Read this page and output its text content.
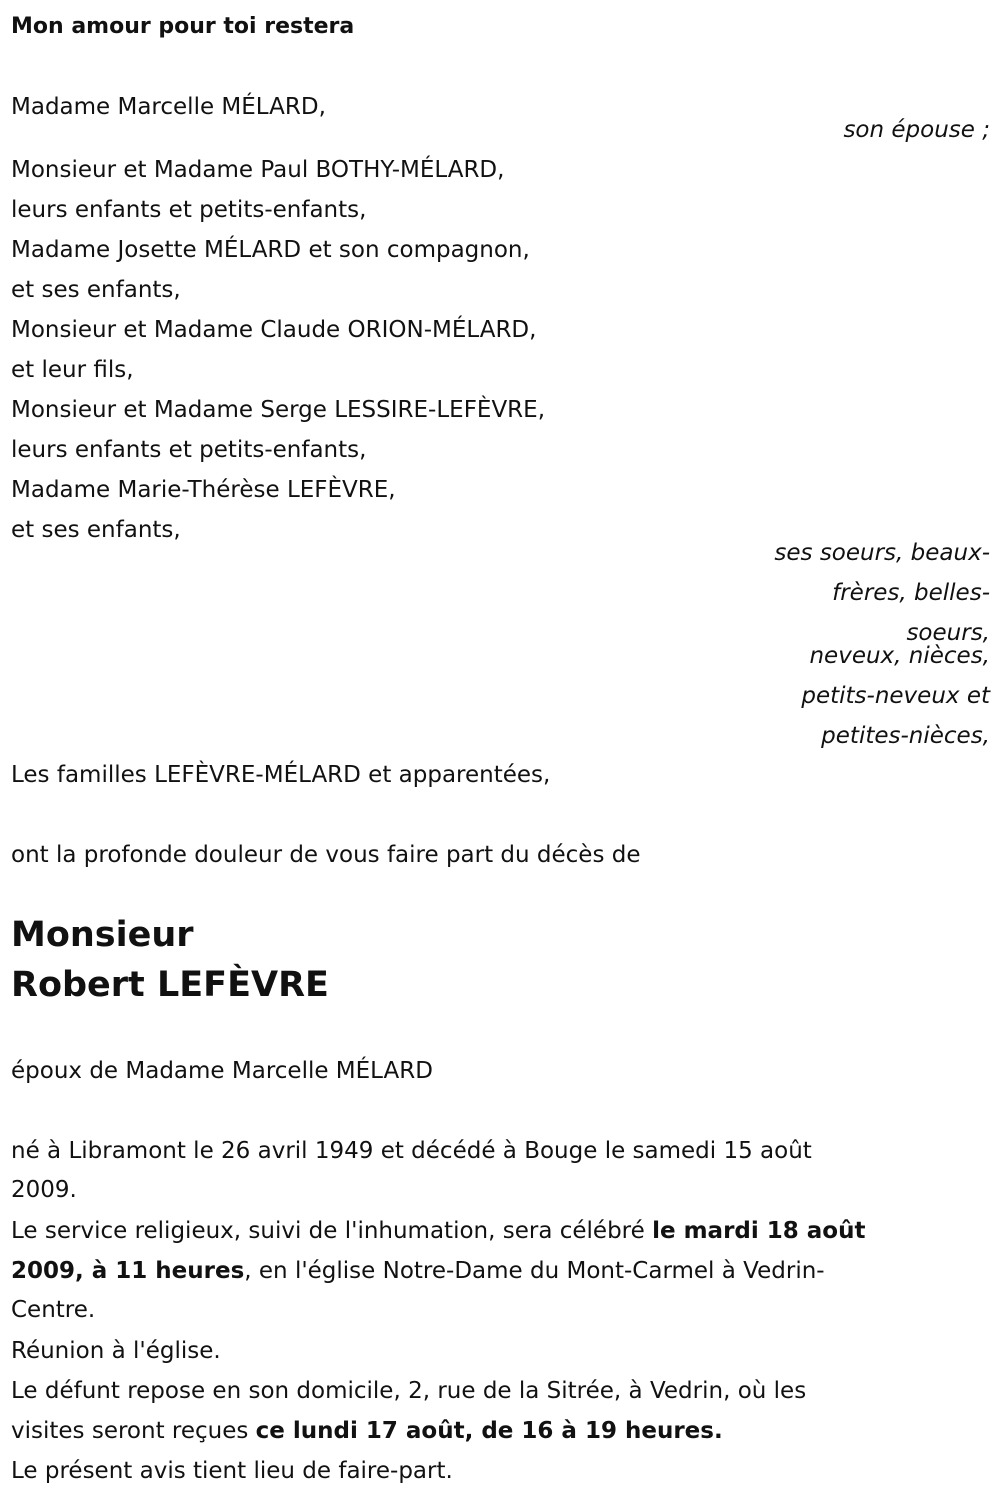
Mon amour pour toi restera
Madame Marcelle MÉLARD,
son épouse ;
Monsieur et Madame Paul BOTHY-MÉLARD,
leurs enfants et petits-enfants,
Madame Josette MÉLARD et son compagnon,
et ses enfants,
Monsieur et Madame Claude ORION-MÉLARD,
et leur fils,
Monsieur et Madame Serge LESSIRE-LEFÈVRE,
leurs enfants et petits-enfants,
Madame Marie-Thérèse LEFÈVRE,
et ses enfants,
ses soeurs, beaux-
frères, belles-
soeurs,
neveux, nièces,
petits-neveux et
petites-nièces,
Les familles LEFÈVRE-MÉLARD et apparentées,
ont la profonde douleur de vous faire part du décès de
Monsieur
Robert LEFÈVRE
époux de Madame Marcelle MÉLARD
né à Libramont le 26 avril 1949 et décédé à Bouge le samedi 15 août
2009.
Le service religieux, suivi de l'inhumation, sera célébré le mardi 18 août
2009, à 11 heures, en l'église Notre-Dame du Mont-Carmel à Vedrin-
Centre.
Réunion à l'église.
Le défunt repose en son domicile, 2, rue de la Sitrée, à Vedrin, où les
visites seront reçues ce lundi 17 août, de 16 à 19 heures.
Le présent avis tient lieu de faire-part.
